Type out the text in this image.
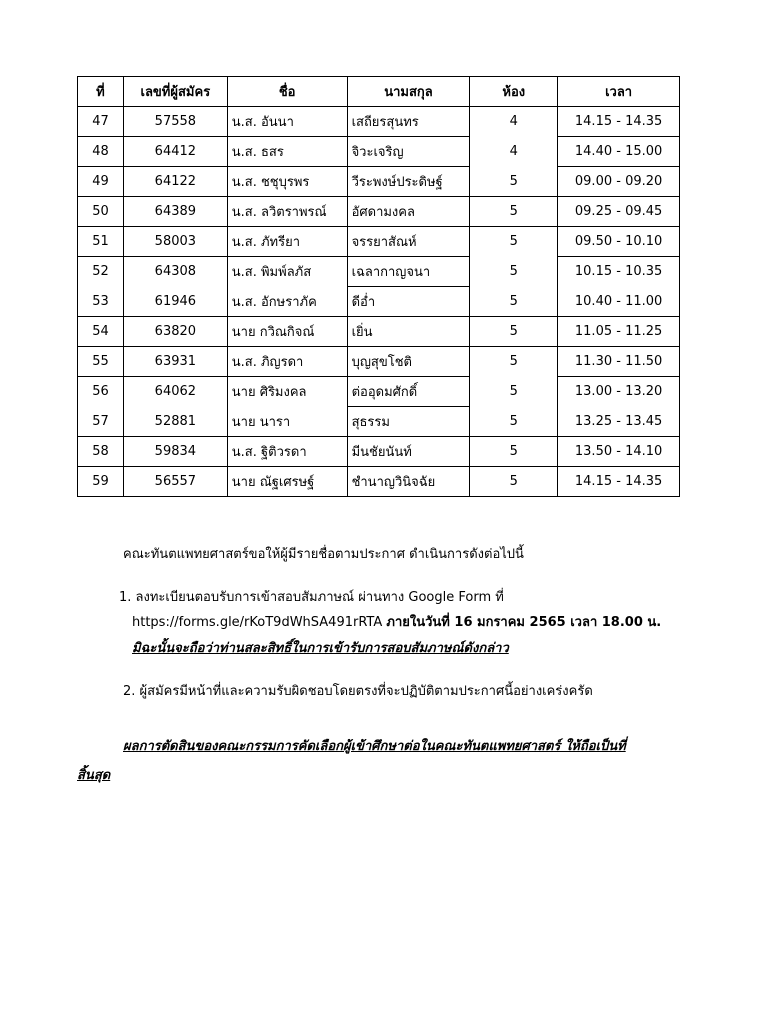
ที่	เลขที่ผู้สมัคร	ชื่อ	นามสกุล	ห้อง	เวลา
47	57558	น.ส. อันนา	เสถียรสุนทร	4	14.15 - 14.35
48	64412	น.ส. ธสร	จิวะเจริญ	4	14.40 - 15.00
49	64122	น.ส. ชชุบุรพร	วีระพงษ์ประดิษฐ์	5	09.00 - 09.20
50	64389	น.ส. ลวิตราพรณ์	อัศดามงคล	5	09.25 - 09.45
51	58003	น.ส. ภัทรียา	จรรยาสัณห์	5	09.50 - 10.10
52	64308	น.ส. พิมพ์ลภัส	เฉลากาญจนา	5	10.15 - 10.35
53	61946	น.ส. อักษราภัค	ดีอ่ำ	5	10.40 - 11.00
54	63820	นาย กวิณกิจณ์	เยิ่น	5	11.05 - 11.25
55	63931	น.ส. ภิญรดา	บุญสุขโชติ	5	11.30 - 11.50
56	64062	นาย ศิริมงคล	ต่ออุดมศักดิ์	5	13.00 - 13.20
57	52881	นาย นารา	สุธรรม	5	13.25 - 13.45
58	59834	น.ส. ฐิติวรดา	มีนชัยนันท์	5	13.50 - 14.10
59	56557	นาย ณัฐเศรษฐ์	ชำนาญวินิจฉัย	5	14.15 - 14.35
คณะทันตแพทยศาสตร์ขอให้ผู้มีรายชื่อตามประกาศ ดำเนินการดังต่อไปนี้
1. ลงทะเบียนตอบรับการเข้าสอบสัมภาษณ์ ผ่านทาง Google Form ที่
https://forms.gle/rKoT9dWhSA491rRTA ภายในวันที่ 16 มกราคม 2565 เวลา 18.00 น.
มิฉะนั้นจะถือว่าท่านสละสิทธิ์ในการเข้ารับการสอบสัมภาษณ์ดังกล่าว
2. ผู้สมัครมีหน้าที่และความรับผิดชอบโดยตรงที่จะปฏิบัติตามประกาศนี้อย่างเคร่งครัด
ผลการตัดสินของคณะกรรมการคัดเลือกผู้เข้าศึกษาต่อในคณะทันตแพทยศาสตร์ ให้ถือเป็นที่
สิ้นสุด
